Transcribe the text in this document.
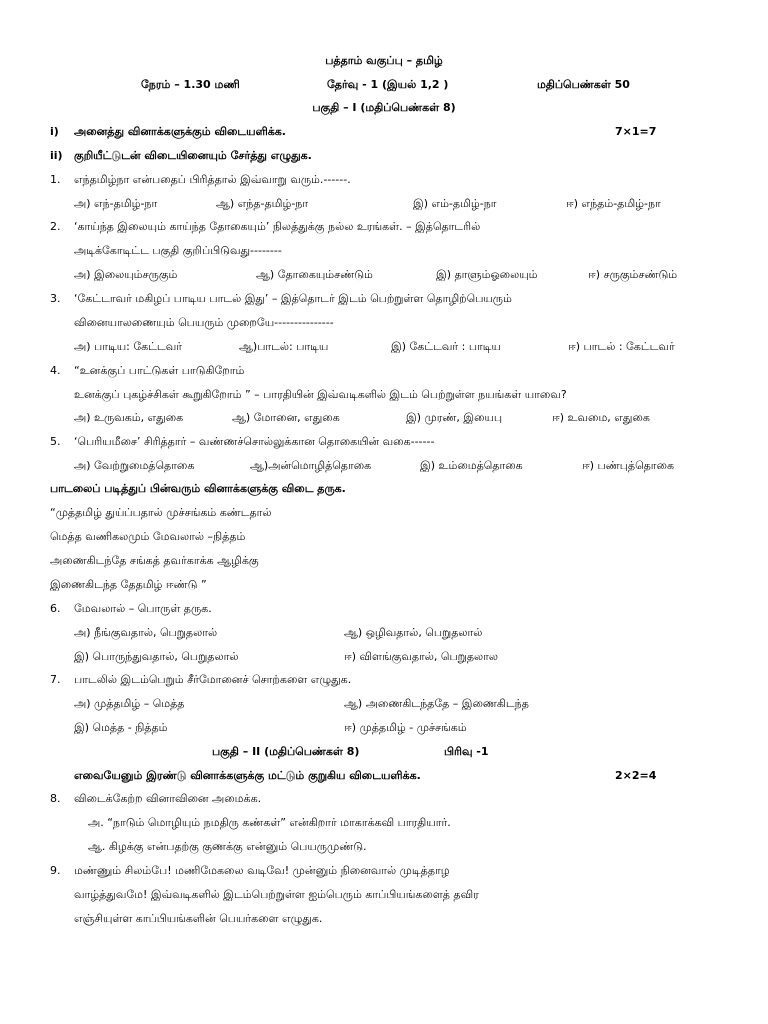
பத்தாம் வகுப்பு – தமிழ்
நேரம் – 1.30 மணி	தேர்வு - 1 (இயல் 1,2 )	மதிப்பெண்கள் 50
பகுதி – I (மதிப்பெண்கள் 8)
i) அனைத்து வினாக்களுக்கும் விடையளிக்க.	7×1=7
ii) குறியீட்டுடன் விடையினையும் சேர்த்து எழுதுக.
1. எந்தமிழ்நா என்பதைப் பிரித்தால் இவ்வாறு வரும்.------.
அ) எந்-தமிழ்-நா	ஆ) எந்த-தமிழ்-நா	இ) எம்-தமிழ்-நா	ஈ) எந்தம்-தமிழ்-நா
2. ‘காய்ந்த இலையும் காய்ந்த தோகையும்’ நிலத்துக்கு நல்ல உரங்கள். – இத்தொடரில்
அடிக்கோடிட்ட பகுதி குறிப்பிடுவது--------
அ) இலையும்சருகும்	ஆ) தோகையும்சண்டும்	இ) தாளும்ஓலையும்	ஈ) சருகும்சண்டும்
3. ‘கேட்டாவர் மகிழப் பாடிய பாடல் இது’ – இத்தொடர் இடம் பெற்றுள்ள தொழிற்பெயரும்
வினையாலணையும் பெயரும் முறையே---------------
அ) பாடிய: கேட்டவர்	ஆ)பாடல்: பாடிய	இ) கேட்டவர் : பாடிய	ஈ) பாடல் : கேட்டவர்
4. “உனக்குப் பாட்டுகள் பாடுகிறோம்
உனக்குப் புகழ்ச்சிகள் கூறுகிறோம் ” – பாரதியின் இவ்வடிகளில் இடம் பெற்றுள்ள நயங்கள் யாவை?
அ) உருவகம், எதுகை	ஆ) மோனை, எதுகை	இ) முரண், இயைபு	ஈ) உவமை, எதுகை
5. ‘பெரியமீசை’ சிரித்தார் – வண்ணச்சொல்லுக்கான தொகையின் வகை------
அ) வேற்றுமைத்தொகை	ஆ)அன்மொழித்தொகை	இ) உம்மைத்தொகை	ஈ) பண்புத்தொகை
பாடலைப் படித்துப் பின்வரும் வினாக்களுக்கு விடை தருக.
“முத்தமிழ் துய்ப்பதால் முச்சங்கம் கண்டதால்
மெத்த வணிகலமும் மேவலால் –நித்தம்
அணைகிடந்தே சங்கத் தவர்காக்க ஆழிக்கு
இணைகிடந்த தேதமிழ் ஈண்டு ”
6. மேவலால் – பொருள் தருக.
அ) நீங்குவதால், பெறுதலால்	ஆ) ஒழிவதால், பெறுதலால்
இ) பொருந்துவதால், பெறுதலால்	ஈ) விளங்குவதால், பெறுதலால
7. பாடலில் இடம்பெறும் சீர்மோனைச் சொற்களை எழுதுக.
அ) முத்தமிழ் – மெத்த	ஆ) அணைகிடந்ததே – இணைகிடந்த
இ) மெத்த - நித்தம்	ஈ) முத்தமிழ் - முச்சங்கம்
பகுதி – II (மதிப்பெண்கள் 8)	பிரிவு -1
எவையேனும் இரண்டு வினாக்களுக்கு மட்டும் குறுகிய விடையளிக்க.	2×2=4
8. விடைக்கேற்ற வினாவினை அமைக்க.
அ. “நாடும் மொழியும் நமதிரு கண்கள்” என்கிறார் மாகாக்கவி பாரதியார்.
ஆ. கிழக்கு என்பதற்கு குணக்கு என்னும் பெயருமுண்டு.
9. மண்ணும் சிலம்பே! மணிமேகலை வடிவே! முன்னும் நினைவால் முடித்தாழ
வாழ்த்துவமே! இவ்வடிகளில் இடம்பெற்றுள்ள ஐம்பெரும் காப்பியங்களைத் தவிர
எஞ்சியுள்ள காப்பியங்களின் பெயர்களை எழுதுக.
